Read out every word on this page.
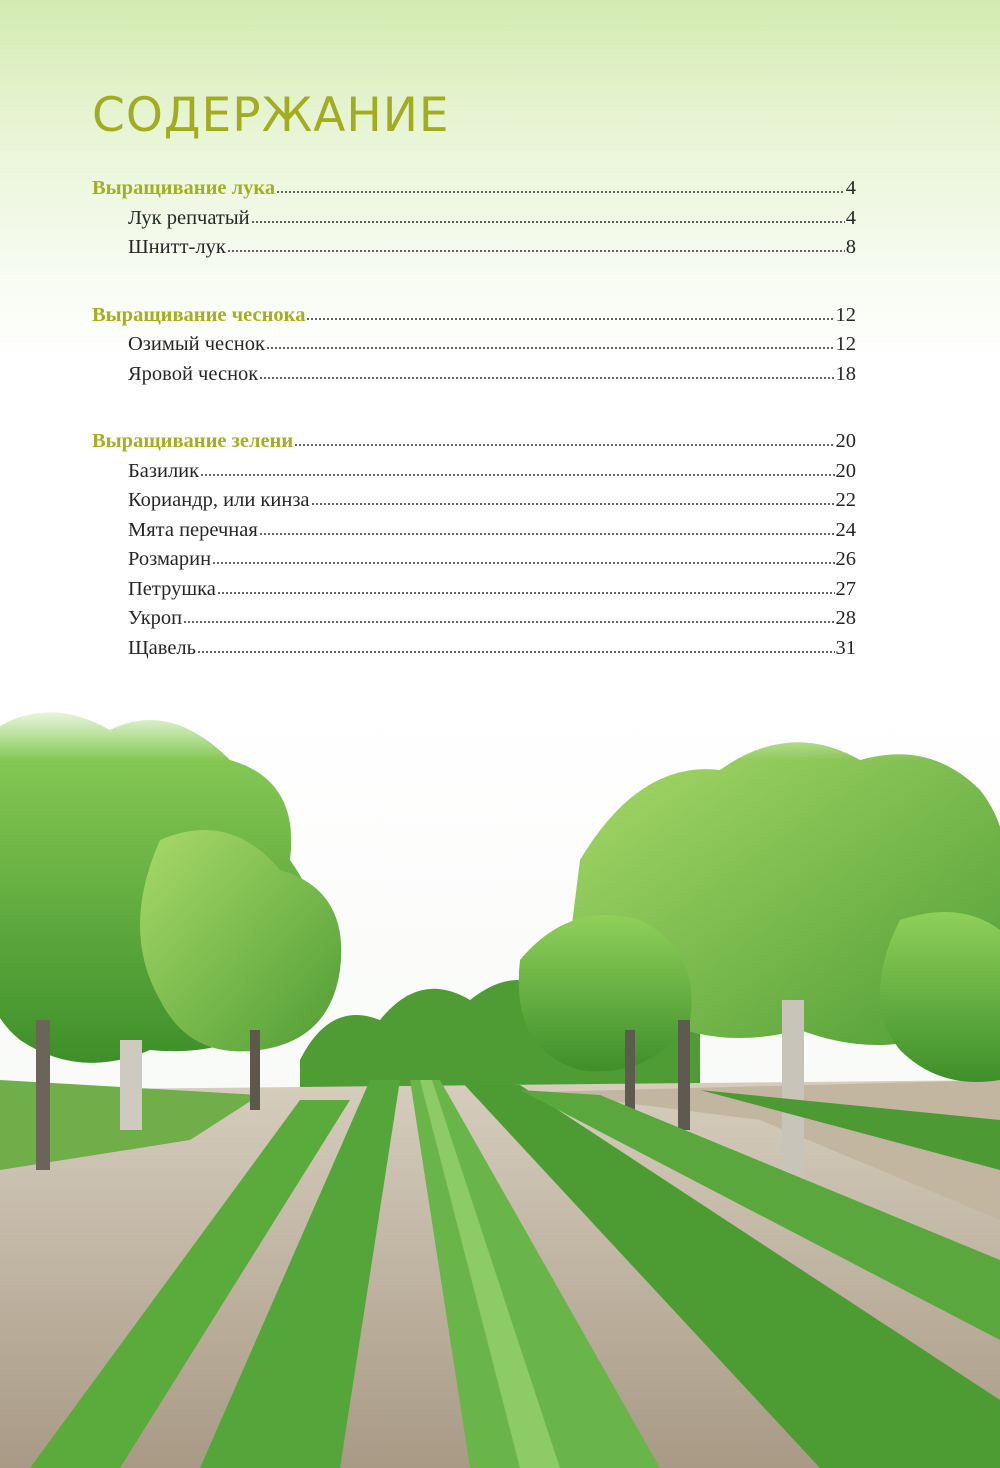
СОДЕРЖАНИЕ
Выращивание лука	4
Лук репчатый	4
Шнитт-лук	8
Выращивание чеснока	12
Озимый чеснок	12
Яровой чеснок	18
Выращивание зелени	20
Базилик	20
Кориандр, или кинза	22
Мята перечная	24
Розмарин	26
Петрушка	27
Укроп	28
Щавель	31
